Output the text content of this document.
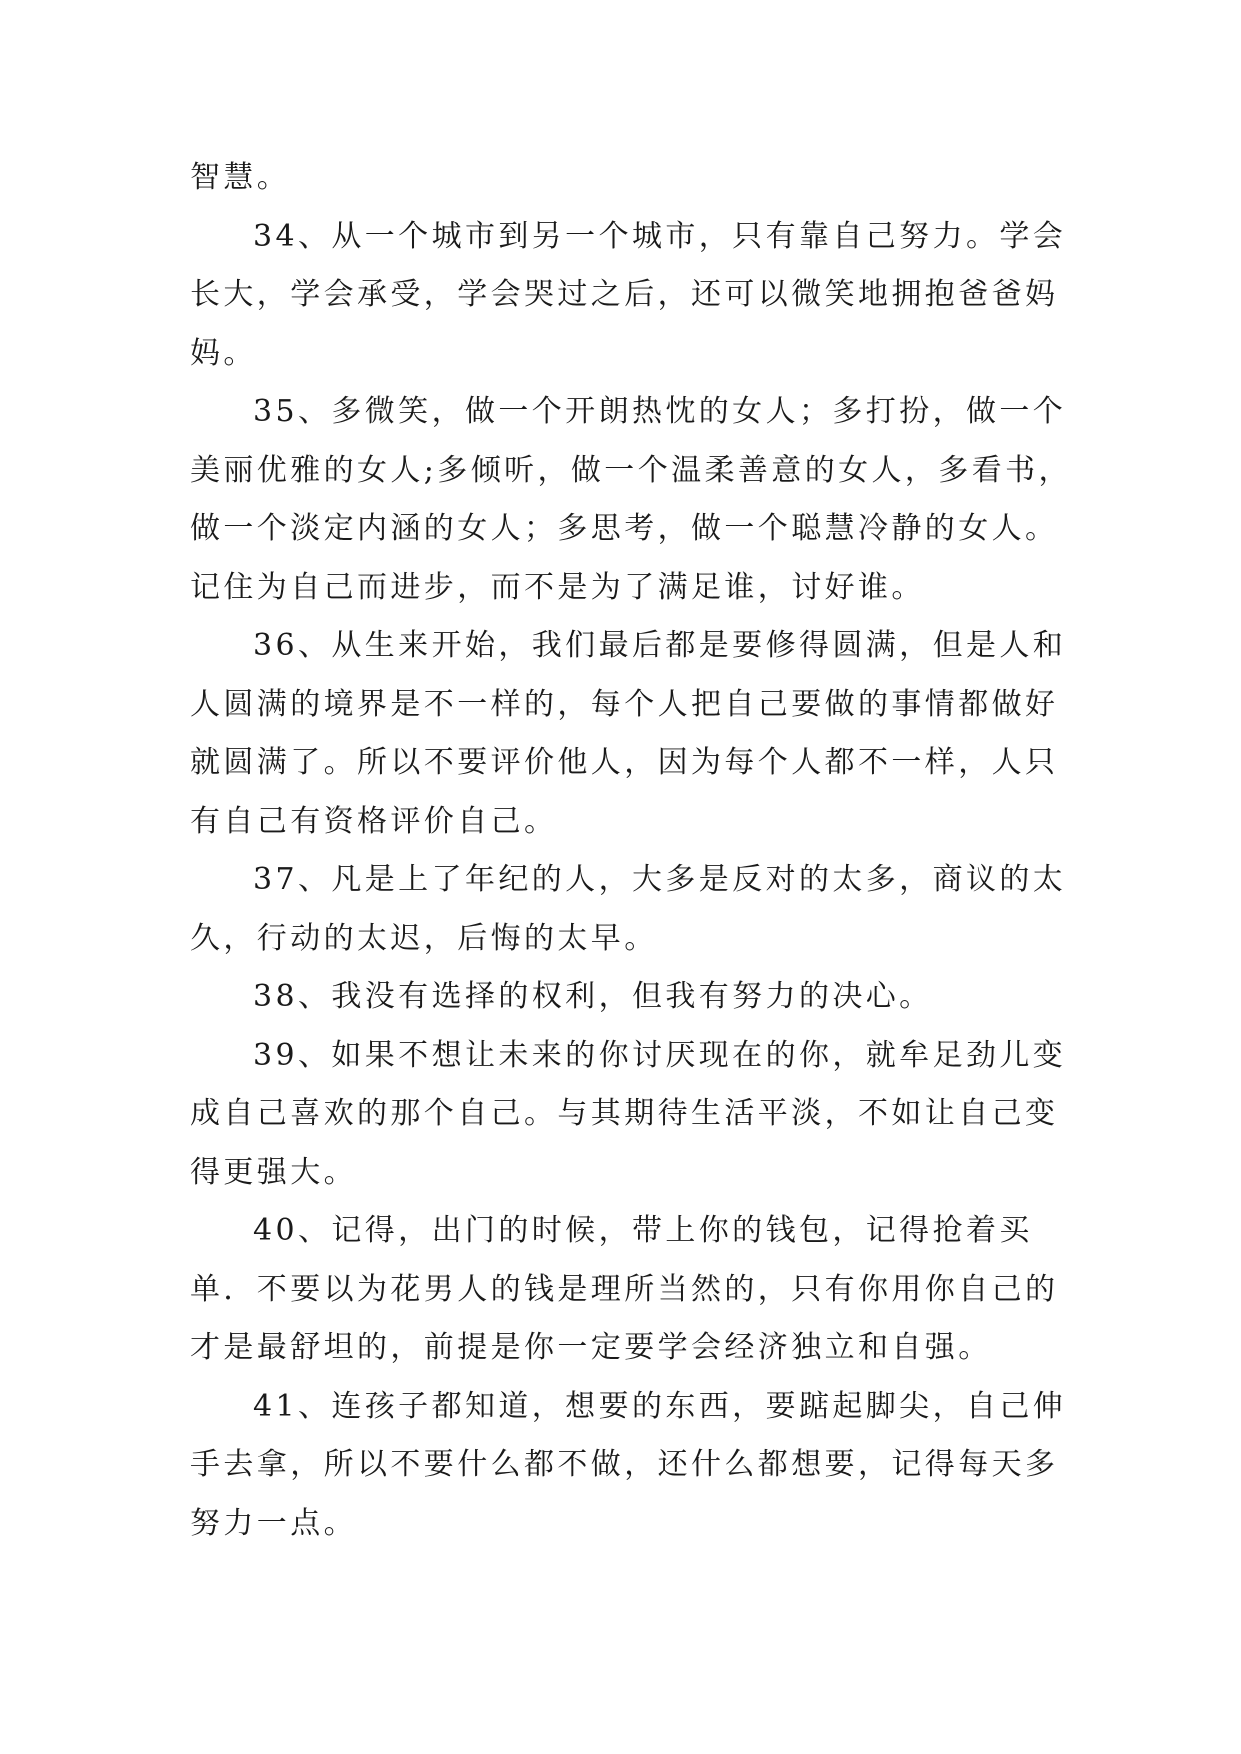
智慧。
34、从一个城市到另一个城市，只有靠自己努力。学会
长大，学会承受，学会哭过之后，还可以微笑地拥抱爸爸妈
妈。
35、多微笑，做一个开朗热忱的女人；多打扮，做一个
美丽优雅的女人;多倾听，做一个温柔善意的女人，多看书，
做一个淡定内涵的女人；多思考，做一个聪慧冷静的女人。
记住为自己而进步，而不是为了满足谁，讨好谁。
36、从生来开始，我们最后都是要修得圆满，但是人和
人圆满的境界是不一样的，每个人把自己要做的事情都做好
就圆满了。所以不要评价他人，因为每个人都不一样，人只
有自己有资格评价自己。
37、凡是上了年纪的人，大多是反对的太多，商议的太
久，行动的太迟，后悔的太早。
38、我没有选择的权利，但我有努力的决心。
39、如果不想让未来的你讨厌现在的你，就牟足劲儿变
成自己喜欢的那个自己。与其期待生活平淡，不如让自己变
得更强大。
40、记得，出门的时候，带上你的钱包，记得抢着买
单．不要以为花男人的钱是理所当然的，只有你用你自己的
才是最舒坦的，前提是你一定要学会经济独立和自强。
41、连孩子都知道，想要的东西，要踮起脚尖，自己伸
手去拿，所以不要什么都不做，还什么都想要，记得每天多
努力一点。
